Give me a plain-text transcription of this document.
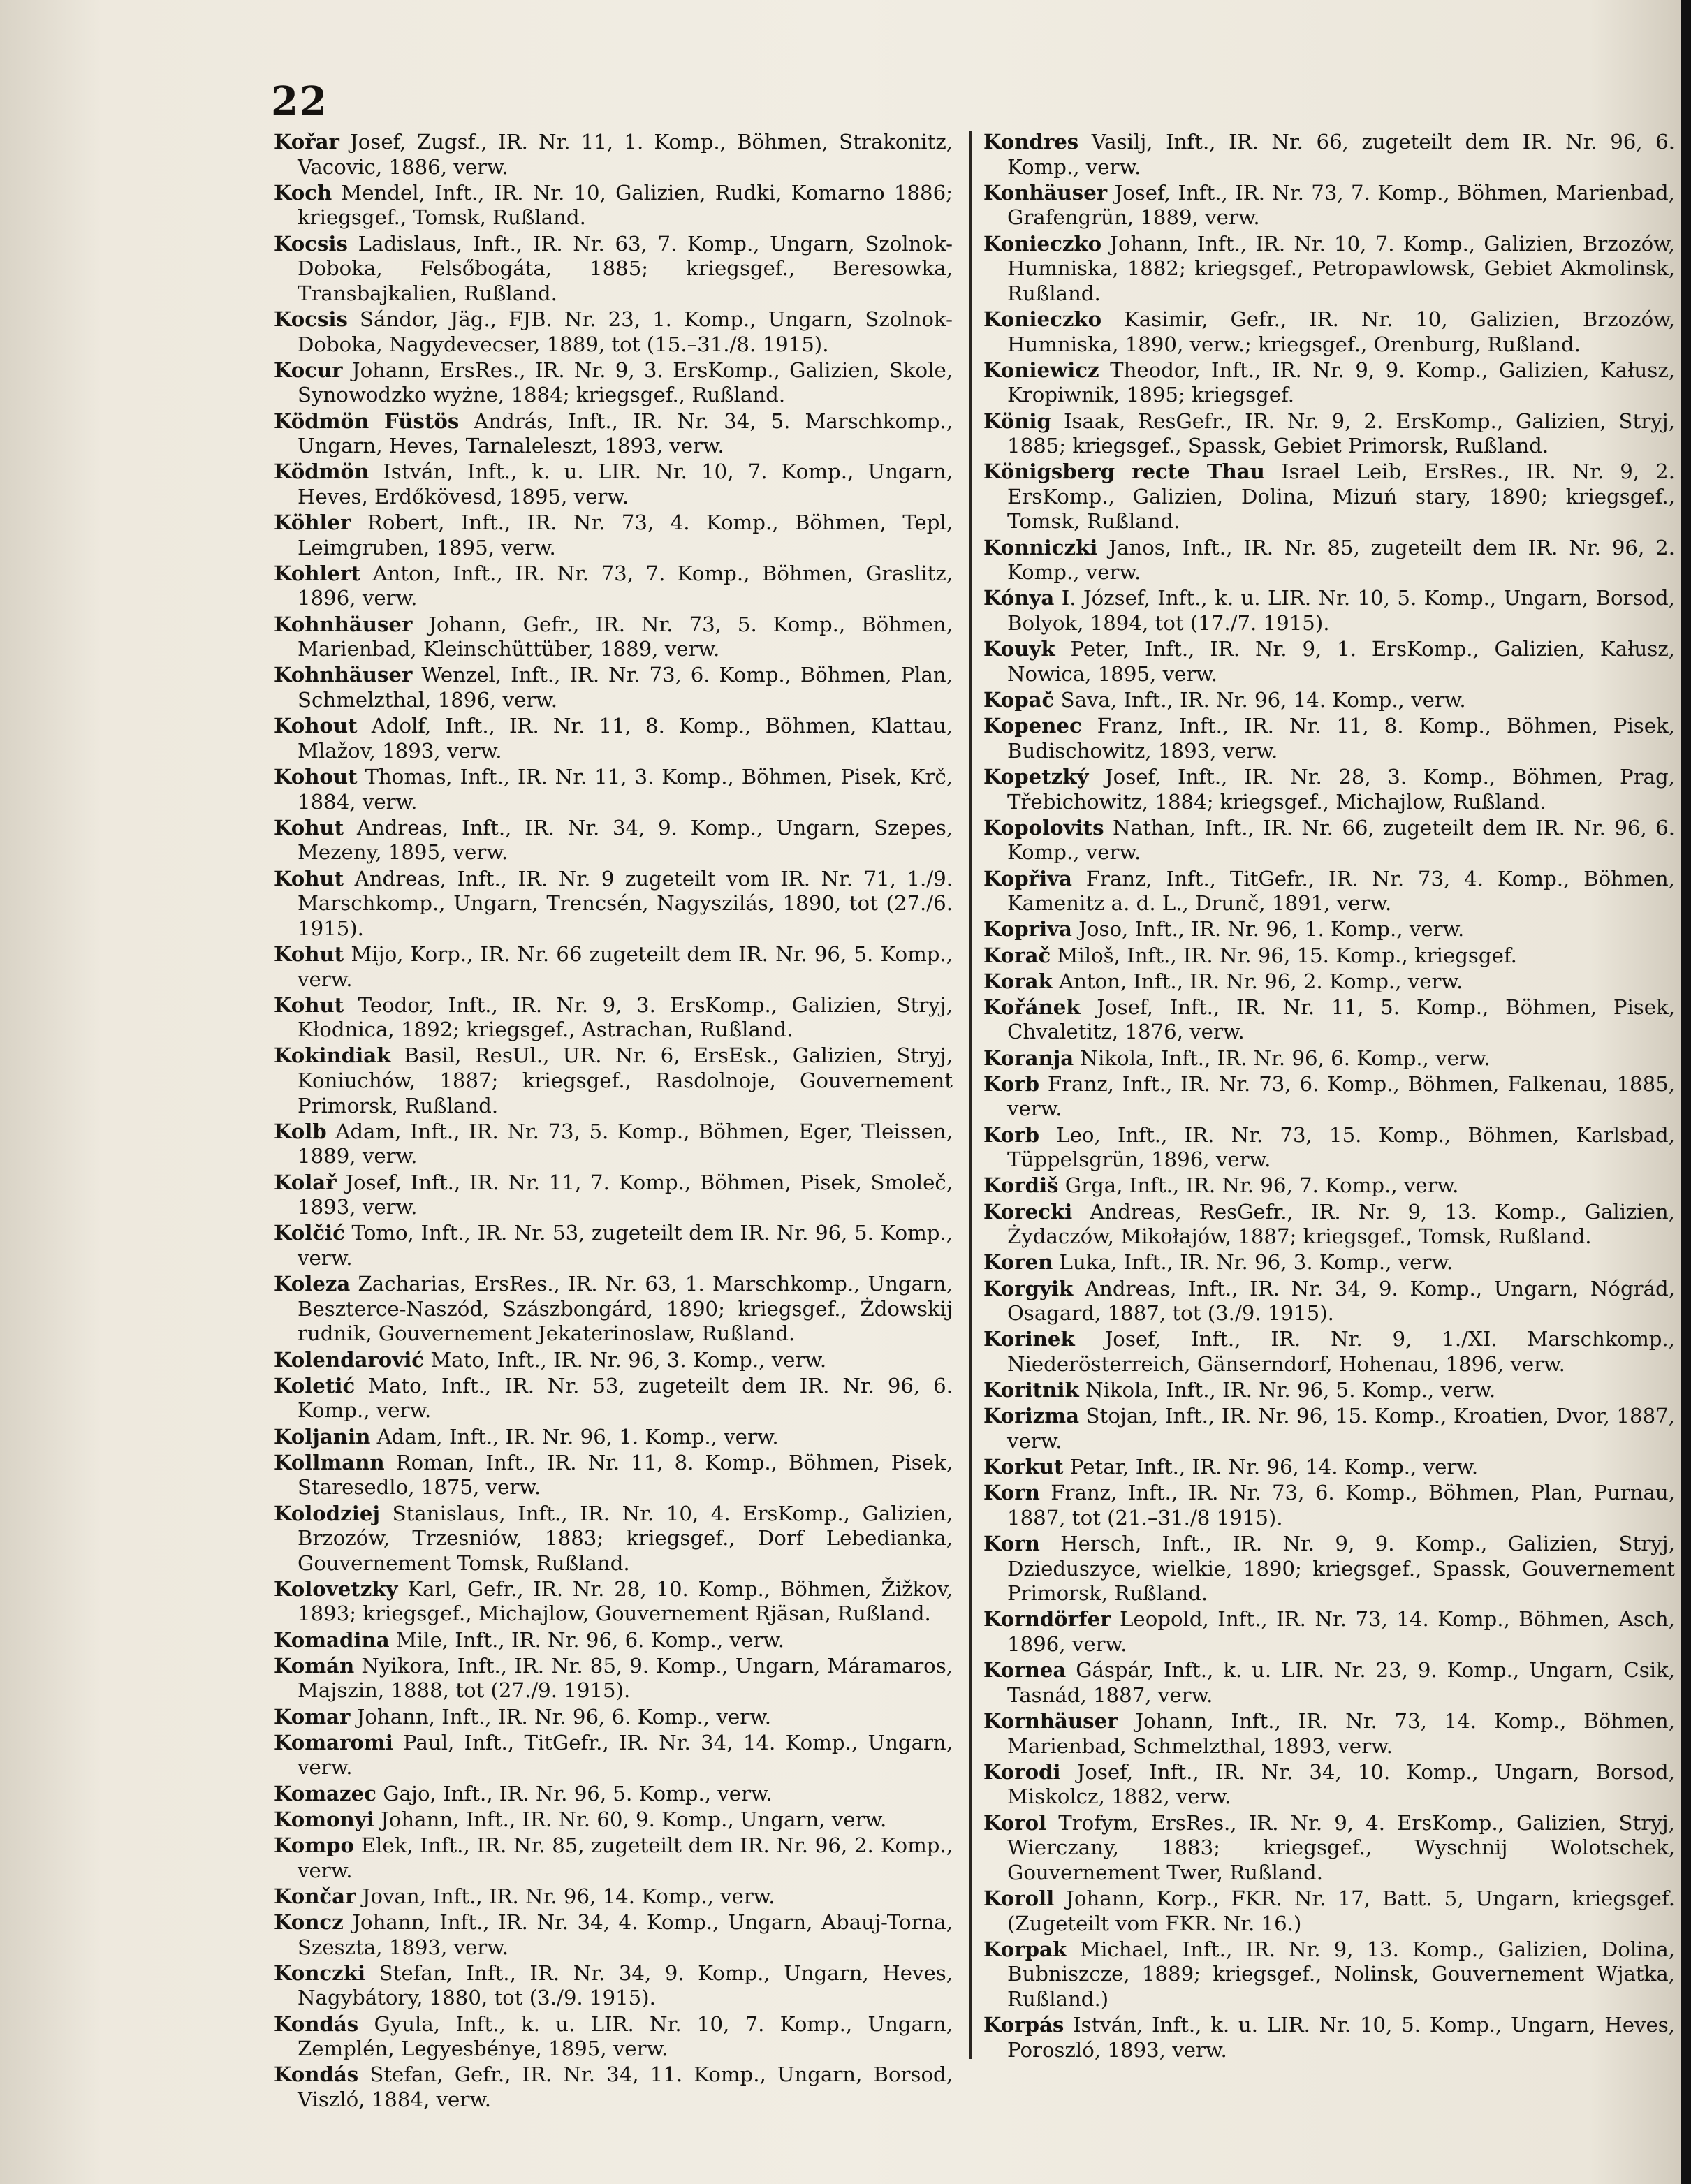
22

Kořar Josef, Zugsf., IR. Nr. 11, 1. Komp., Böhmen, Strakonitz, Vacovic, 1886, verw.

Koch Mendel, Inft., IR. Nr. 10, Galizien, Rudki, Komarno 1886; kriegsgef., Tomsk, Rußland.

Kocsis Ladislaus, Inft., IR. Nr. 63, 7. Komp., Ungarn, Szolnok-Doboka, Felsőbogáta, 1885; kriegsgef., Beresowka, Transbajkalien, Rußland.

Kocsis Sándor, Jäg., FJB. Nr. 23, 1. Komp., Ungarn, Szolnok-Doboka, Nagydevecser, 1889, tot (15.–31./8. 1915).

Kocur Johann, ErsRes., IR. Nr. 9, 3. ErsKomp., Galizien, Skole, Synowodzko wyżne, 1884; kriegsgef., Rußland.

Ködmön Füstös András, Inft., IR. Nr. 34, 5. Marschkomp., Ungarn, Heves, Tarnaleleszt, 1893, verw.

Ködmön István, Inft., k. u. LIR. Nr. 10, 7. Komp., Ungarn, Heves, Erdőkövesd, 1895, verw.

Köhler Robert, Inft., IR. Nr. 73, 4. Komp., Böhmen, Tepl, Leimgruben, 1895, verw.

Kohlert Anton, Inft., IR. Nr. 73, 7. Komp., Böhmen, Graslitz, 1896, verw.

Kohnhäuser Johann, Gefr., IR. Nr. 73, 5. Komp., Böhmen, Marienbad, Kleinschüttüber, 1889, verw.

Kohnhäuser Wenzel, Inft., IR. Nr. 73, 6. Komp., Böhmen, Plan, Schmelzthal, 1896, verw.

Kohout Adolf, Inft., IR. Nr. 11, 8. Komp., Böhmen, Klattau, Mlažov, 1893, verw.

Kohout Thomas, Inft., IR. Nr. 11, 3. Komp., Böhmen, Pisek, Krč, 1884, verw.

Kohut Andreas, Inft., IR. Nr. 34, 9. Komp., Ungarn, Szepes, Mezeny, 1895, verw.

Kohut Andreas, Inft., IR. Nr. 9 zugeteilt vom IR. Nr. 71, 1./9. Marschkomp., Ungarn, Trencsén, Nagyszilás, 1890, tot (27./6. 1915).

Kohut Mijo, Korp., IR. Nr. 66 zugeteilt dem IR. Nr. 96, 5. Komp., verw.

Kohut Teodor, Inft., IR. Nr. 9, 3. ErsKomp., Galizien, Stryj, Kłodnica, 1892; kriegsgef., Astrachan, Rußland.

Kokindiak Basil, ResUl., UR. Nr. 6, ErsEsk., Galizien, Stryj, Koniuchów, 1887; kriegsgef., Rasdolnoje, Gouvernement Primorsk, Rußland.

Kolb Adam, Inft., IR. Nr. 73, 5. Komp., Böhmen, Eger, Tleissen, 1889, verw.

Kolař Josef, Inft., IR. Nr. 11, 7. Komp., Böhmen, Pisek, Smoleč, 1893, verw.

Kolčić Tomo, Inft., IR. Nr. 53, zugeteilt dem IR. Nr. 96, 5. Komp., verw.

Koleza Zacharias, ErsRes., IR. Nr. 63, 1. Marschkomp., Ungarn, Beszterce-Naszód, Szászbongárd, 1890; kriegsgef., Żdowskij rudnik, Gouvernement Jekaterinoslaw, Rußland.

Kolendarović Mato, Inft., IR. Nr. 96, 3. Komp., verw.

Koletić Mato, Inft., IR. Nr. 53, zugeteilt dem IR. Nr. 96, 6. Komp., verw.

Koljanin Adam, Inft., IR. Nr. 96, 1. Komp., verw.

Kollmann Roman, Inft., IR. Nr. 11, 8. Komp., Böhmen, Pisek, Staresedlo, 1875, verw.

Kolodziej Stanislaus, Inft., IR. Nr. 10, 4. ErsKomp., Galizien, Brzozów, Trzesniów, 1883; kriegsgef., Dorf Lebedianka, Gouvernement Tomsk, Rußland.

Kolovetzky Karl, Gefr., IR. Nr. 28, 10. Komp., Böhmen, Žižkov, 1893; kriegsgef., Michajlow, Gouvernement Rjäsan, Rußland.

Komadina Mile, Inft., IR. Nr. 96, 6. Komp., verw.

Komán Nyikora, Inft., IR. Nr. 85, 9. Komp., Ungarn, Máramaros, Majszin, 1888, tot (27./9. 1915).

Komar Johann, Inft., IR. Nr. 96, 6. Komp., verw.

Komaromi Paul, Inft., TitGefr., IR. Nr. 34, 14. Komp., Ungarn, verw.

Komazec Gajo, Inft., IR. Nr. 96, 5. Komp., verw.

Komonyi Johann, Inft., IR. Nr. 60, 9. Komp., Ungarn, verw.

Kompo Elek, Inft., IR. Nr. 85, zugeteilt dem IR. Nr. 96, 2. Komp., verw.

Končar Jovan, Inft., IR. Nr. 96, 14. Komp., verw.

Koncz Johann, Inft., IR. Nr. 34, 4. Komp., Ungarn, Abauj-Torna, Szeszta, 1893, verw.

Konczki Stefan, Inft., IR. Nr. 34, 9. Komp., Ungarn, Heves, Nagybátory, 1880, tot (3./9. 1915).

Kondás Gyula, Inft., k. u. LIR. Nr. 10, 7. Komp., Ungarn, Zemplén, Legyesbénye, 1895, verw.

Kondás Stefan, Gefr., IR. Nr. 34, 11. Komp., Ungarn, Borsod, Viszló, 1884, verw.

Kondres Vasilj, Inft., IR. Nr. 66, zugeteilt dem IR. Nr. 96, 6. Komp., verw.

Konhäuser Josef, Inft., IR. Nr. 73, 7. Komp., Böhmen, Marienbad, Grafengrün, 1889, verw.

Konieczko Johann, Inft., IR. Nr. 10, 7. Komp., Galizien, Brzozów, Humniska, 1882; kriegsgef., Petropawlowsk, Gebiet Akmolinsk, Rußland.

Konieczko Kasimir, Gefr., IR. Nr. 10, Galizien, Brzozów, Humniska, 1890, verw.; kriegsgef., Orenburg, Rußland.

Koniewicz Theodor, Inft., IR. Nr. 9, 9. Komp., Galizien, Kałusz, Kropiwnik, 1895; kriegsgef.

König Isaak, ResGefr., IR. Nr. 9, 2. ErsKomp., Galizien, Stryj, 1885; kriegsgef., Spassk, Gebiet Primorsk, Rußland.

Königsberg recte Thau Israel Leib, ErsRes., IR. Nr. 9, 2. ErsKomp., Galizien, Dolina, Mizuń stary, 1890; kriegsgef., Tomsk, Rußland.

Konniczki Janos, Inft., IR. Nr. 85, zugeteilt dem IR. Nr. 96, 2. Komp., verw.

Kónya I. József, Inft., k. u. LIR. Nr. 10, 5. Komp., Ungarn, Borsod, Bolyok, 1894, tot (17./7. 1915).

Kouyk Peter, Inft., IR. Nr. 9, 1. ErsKomp., Galizien, Kałusz, Nowica, 1895, verw.

Kopač Sava, Inft., IR. Nr. 96, 14. Komp., verw.

Kopenec Franz, Inft., IR. Nr. 11, 8. Komp., Böhmen, Pisek, Budischowitz, 1893, verw.

Kopetzký Josef, Inft., IR. Nr. 28, 3. Komp., Böhmen, Prag, Třebichowitz, 1884; kriegsgef., Michajlow, Rußland.

Kopolovits Nathan, Inft., IR. Nr. 66, zugeteilt dem IR. Nr. 96, 6. Komp., verw.

Kopřiva Franz, Inft., TitGefr., IR. Nr. 73, 4. Komp., Böhmen, Kamenitz a. d. L., Drunč, 1891, verw.

Kopriva Joso, Inft., IR. Nr. 96, 1. Komp., verw.

Korač Miloš, Inft., IR. Nr. 96, 15. Komp., kriegsgef.

Korak Anton, Inft., IR. Nr. 96, 2. Komp., verw.

Kořánek Josef, Inft., IR. Nr. 11, 5. Komp., Böhmen, Pisek, Chvaletitz, 1876, verw.

Koranja Nikola, Inft., IR. Nr. 96, 6. Komp., verw.

Korb Franz, Inft., IR. Nr. 73, 6. Komp., Böhmen, Falkenau, 1885, verw.

Korb Leo, Inft., IR. Nr. 73, 15. Komp., Böhmen, Karlsbad, Tüppelsgrün, 1896, verw.

Kordiš Grga, Inft., IR. Nr. 96, 7. Komp., verw.

Korecki Andreas, ResGefr., IR. Nr. 9, 13. Komp., Galizien, Żydaczów, Mikołajów, 1887; kriegsgef., Tomsk, Rußland.

Koren Luka, Inft., IR. Nr. 96, 3. Komp., verw.

Korgyik Andreas, Inft., IR. Nr. 34, 9. Komp., Ungarn, Nógrád, Osagard, 1887, tot (3./9. 1915).

Korinek Josef, Inft., IR. Nr. 9, 1./XI. Marschkomp., Niederösterreich, Gänserndorf, Hohenau, 1896, verw.

Koritnik Nikola, Inft., IR. Nr. 96, 5. Komp., verw.

Korizma Stojan, Inft., IR. Nr. 96, 15. Komp., Kroatien, Dvor, 1887, verw.

Korkut Petar, Inft., IR. Nr. 96, 14. Komp., verw.

Korn Franz, Inft., IR. Nr. 73, 6. Komp., Böhmen, Plan, Purnau, 1887, tot (21.–31./8 1915).

Korn Hersch, Inft., IR. Nr. 9, 9. Komp., Galizien, Stryj, Dzieduszyce, wielkie, 1890; kriegsgef., Spassk, Gouvernement Primorsk, Rußland.

Korndörfer Leopold, Inft., IR. Nr. 73, 14. Komp., Böhmen, Asch, 1896, verw.

Kornea Gáspár, Inft., k. u. LIR. Nr. 23, 9. Komp., Ungarn, Csik, Tasnád, 1887, verw.

Kornhäuser Johann, Inft., IR. Nr. 73, 14. Komp., Böhmen, Marienbad, Schmelzthal, 1893, verw.

Korodi Josef, Inft., IR. Nr. 34, 10. Komp., Ungarn, Borsod, Miskolcz, 1882, verw.

Korol Trofym, ErsRes., IR. Nr. 9, 4. ErsKomp., Galizien, Stryj, Wierczany, 1883; kriegsgef., Wyschnij Wolotschek, Gouvernement Twer, Rußland.

Koroll Johann, Korp., FKR. Nr. 17, Batt. 5, Ungarn, kriegsgef. (Zugeteilt vom FKR. Nr. 16.)

Korpak Michael, Inft., IR. Nr. 9, 13. Komp., Galizien, Dolina, Bubniszcze, 1889; kriegsgef., Nolinsk, Gouvernement Wjatka, Rußland.)

Korpás István, Inft., k. u. LIR. Nr. 10, 5. Komp., Ungarn, Heves, Poroszló, 1893, verw.
